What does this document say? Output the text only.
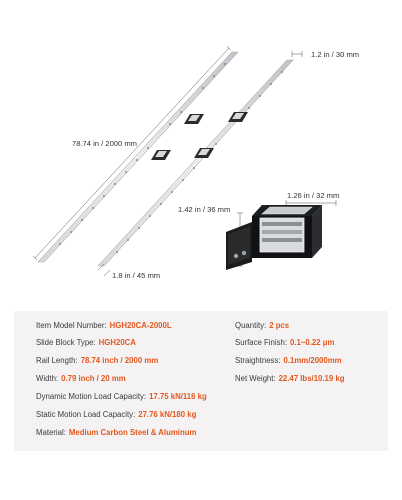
1.2 in / 30 mm
78.74 in / 2000 mm
1.26 in / 32 mm
1.42 in / 36 mm
1.8 in / 45 mm
Item Model Number: HGH20CA-2000L	Quantity: 2 pcs
Slide Block Type: HGH20CA	Surface Finish: 0.1~0.22 μm
Rail Length: 78.74 inch / 2000 mm	Straightness: 0.1mm/2000mm
Width: 0.79 inch / 20 mm	Net Weight: 22.47 lbs/10.19 kg
Dynamic Motion Load Capacity: 17.75 kN/116 kg
Static Motion Load Capacity: 27.76 kN/180 kg
Material: Medium Carbon Steel & Aluminum
